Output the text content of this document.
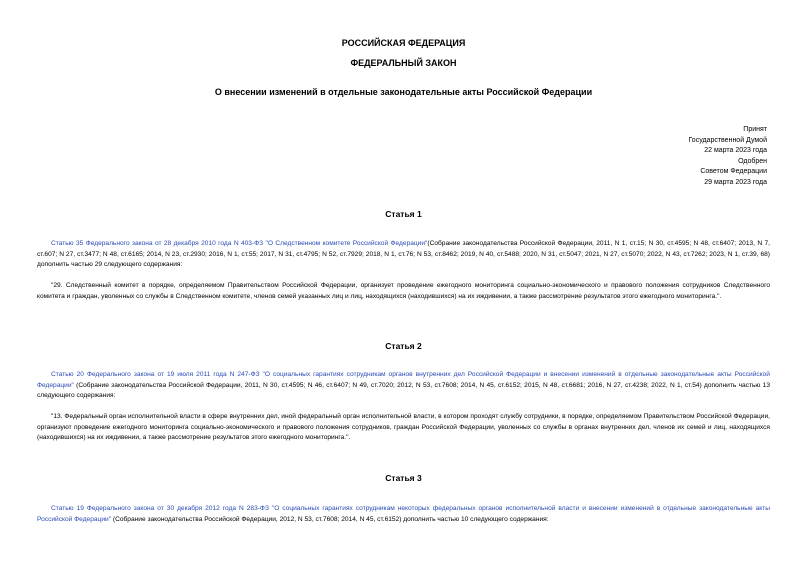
РОССИЙСКАЯ ФЕДЕРАЦИЯ
ФЕДЕРАЛЬНЫЙ ЗАКОН
О внесении изменений в отдельные законодательные акты Российской Федерации
Принят
Государственной Думой
22 марта 2023 года
Одобрен
Советом Федерации
29 марта 2023 года
Статья 1
Статью 35 Федерального закона от 28 декабря 2010 года N 403-ФЗ "О Следственном комитете Российской Федерации"(Собрание законодательства Российской Федерации, 2011, N 1, ст.15; N 30, ст.4595; N 48, ст.6407; 2013, N 7, ст.607; N 27, ст.3477; N 48, ст.6165; 2014, N 23, ст.2930; 2016, N 1, ст.55; 2017, N 31, ст.4795; N 52, ст.7929; 2018, N 1, ст.76; N 53, ст.8462; 2019, N 40, ст.5488; 2020, N 31, ст.5047; 2021, N 27, ст.5070; 2022, N 43, ст.7262; 2023, N 1, ст.39, 68) дополнить частью 29 следующего содержания:
"29. Следственный комитет в порядке, определяемом Правительством Российской Федерации, организует проведение ежегодного мониторинга социально-экономического и правового положения сотрудников Следственного комитета и граждан, уволенных со службы в Следственном комитете, членов семей указанных лиц и лиц, находящихся (находившихся) на их иждивении, а также рассмотрение результатов этого ежегодного мониторинга.".
Статья 2
Статью 20 Федерального закона от 19 июля 2011 года N 247-ФЗ "О социальных гарантиях сотрудникам органов внутренних дел Российской Федерации и внесении изменений в отдельные законодательные акты Российской Федерации" (Собрание законодательства Российской Федерации, 2011, N 30, ст.4595; N 46, ст.6407; N 49, ст.7020; 2012, N 53, ст.7608; 2014, N 45, ст.6152; 2015, N 48, ст.6681; 2016, N 27, ст.4238; 2022, N 1, ст.54) дополнить частью 13 следующего содержания:
"13. Федеральный орган исполнительной власти в сфере внутренних дел, иной федеральный орган исполнительной власти, в котором проходят службу сотрудники, в порядке, определяемом Правительством Российской Федерации, организуют проведение ежегодного мониторинга социально-экономического и правового положения сотрудников, граждан Российской Федерации, уволенных со службы в органах внутренних дел, членов их семей и лиц, находящихся (находившихся) на их иждивении, а также рассмотрение результатов этого ежегодного мониторинга.".
Статья 3
Статью 19 Федерального закона от 30 декабря 2012 года N 283-ФЗ "О социальных гарантиях сотрудникам некоторых федеральных органов исполнительной власти и внесении изменений в отдельные законодательные акты Российской Федерации" (Собрание законодательства Российской Федерации, 2012, N 53, ст.7608; 2014, N 45, ст.6152) дополнить частью 10 следующего содержания:
